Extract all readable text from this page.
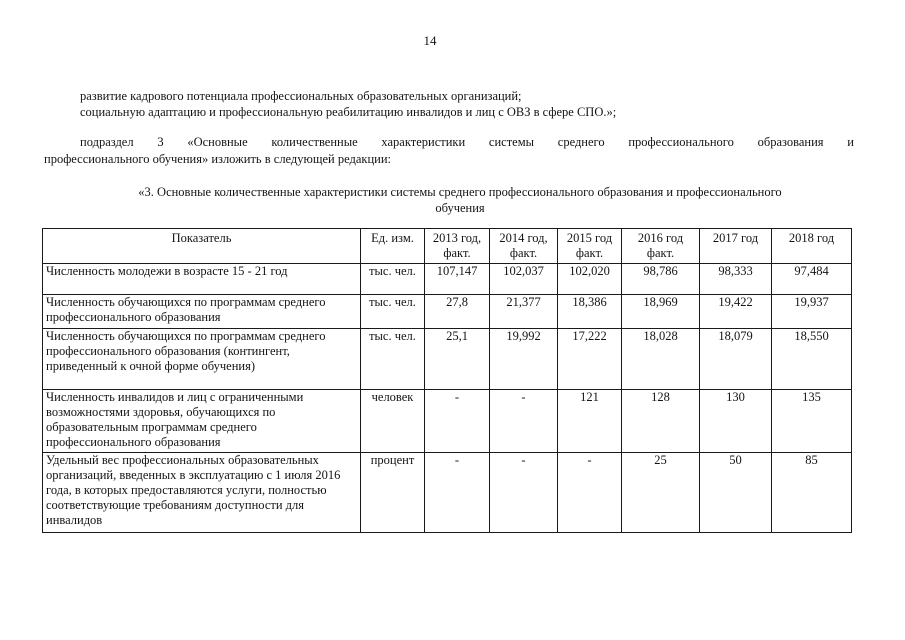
14

развитие кадрового потенциала профессиональных образовательных организаций;

социальную адаптацию и профессиональную реабилитацию инвалидов и лиц с ОВЗ в сфере СПО.»;

подраздел 3 «Основные количественные характеристики системы среднего профессионального образования и
профессионального обучения» изложить в следующей редакции:
«3. Основные количественные характеристики системы среднего профессионального образования и профессионального
обучения
Показатель	Ед. изм.	2013 год, факт.	2014 год, факт.	2015 год факт.	2016 год факт.	2017 год	2018 год
Численность молодежи в возрасте 15 - 21 год	тыс. чел.	107,147	102,037	102,020	98,786	98,333	97,484
Численность обучающихся по программам среднего профессионального образования	тыс. чел.	27,8	21,377	18,386	18,969	19,422	19,937
Численность обучающихся по программам среднего профессионального образования (контингент, приведенный к очной форме обучения)	тыс. чел.	25,1	19,992	17,222	18,028	18,079	18,550
Численность инвалидов и лиц с ограниченными возможностями здоровья, обучающихся по образовательным программам среднего профессионального образования	человек	-	-	121	128	130	135
Удельный вес профессиональных образовательных организаций, введенных в эксплуатацию с 1 июля 2016 года, в которых предоставляются услуги, полностью соответствующие требованиям доступности для инвалидов	процент	-	-	-	25	50	85
